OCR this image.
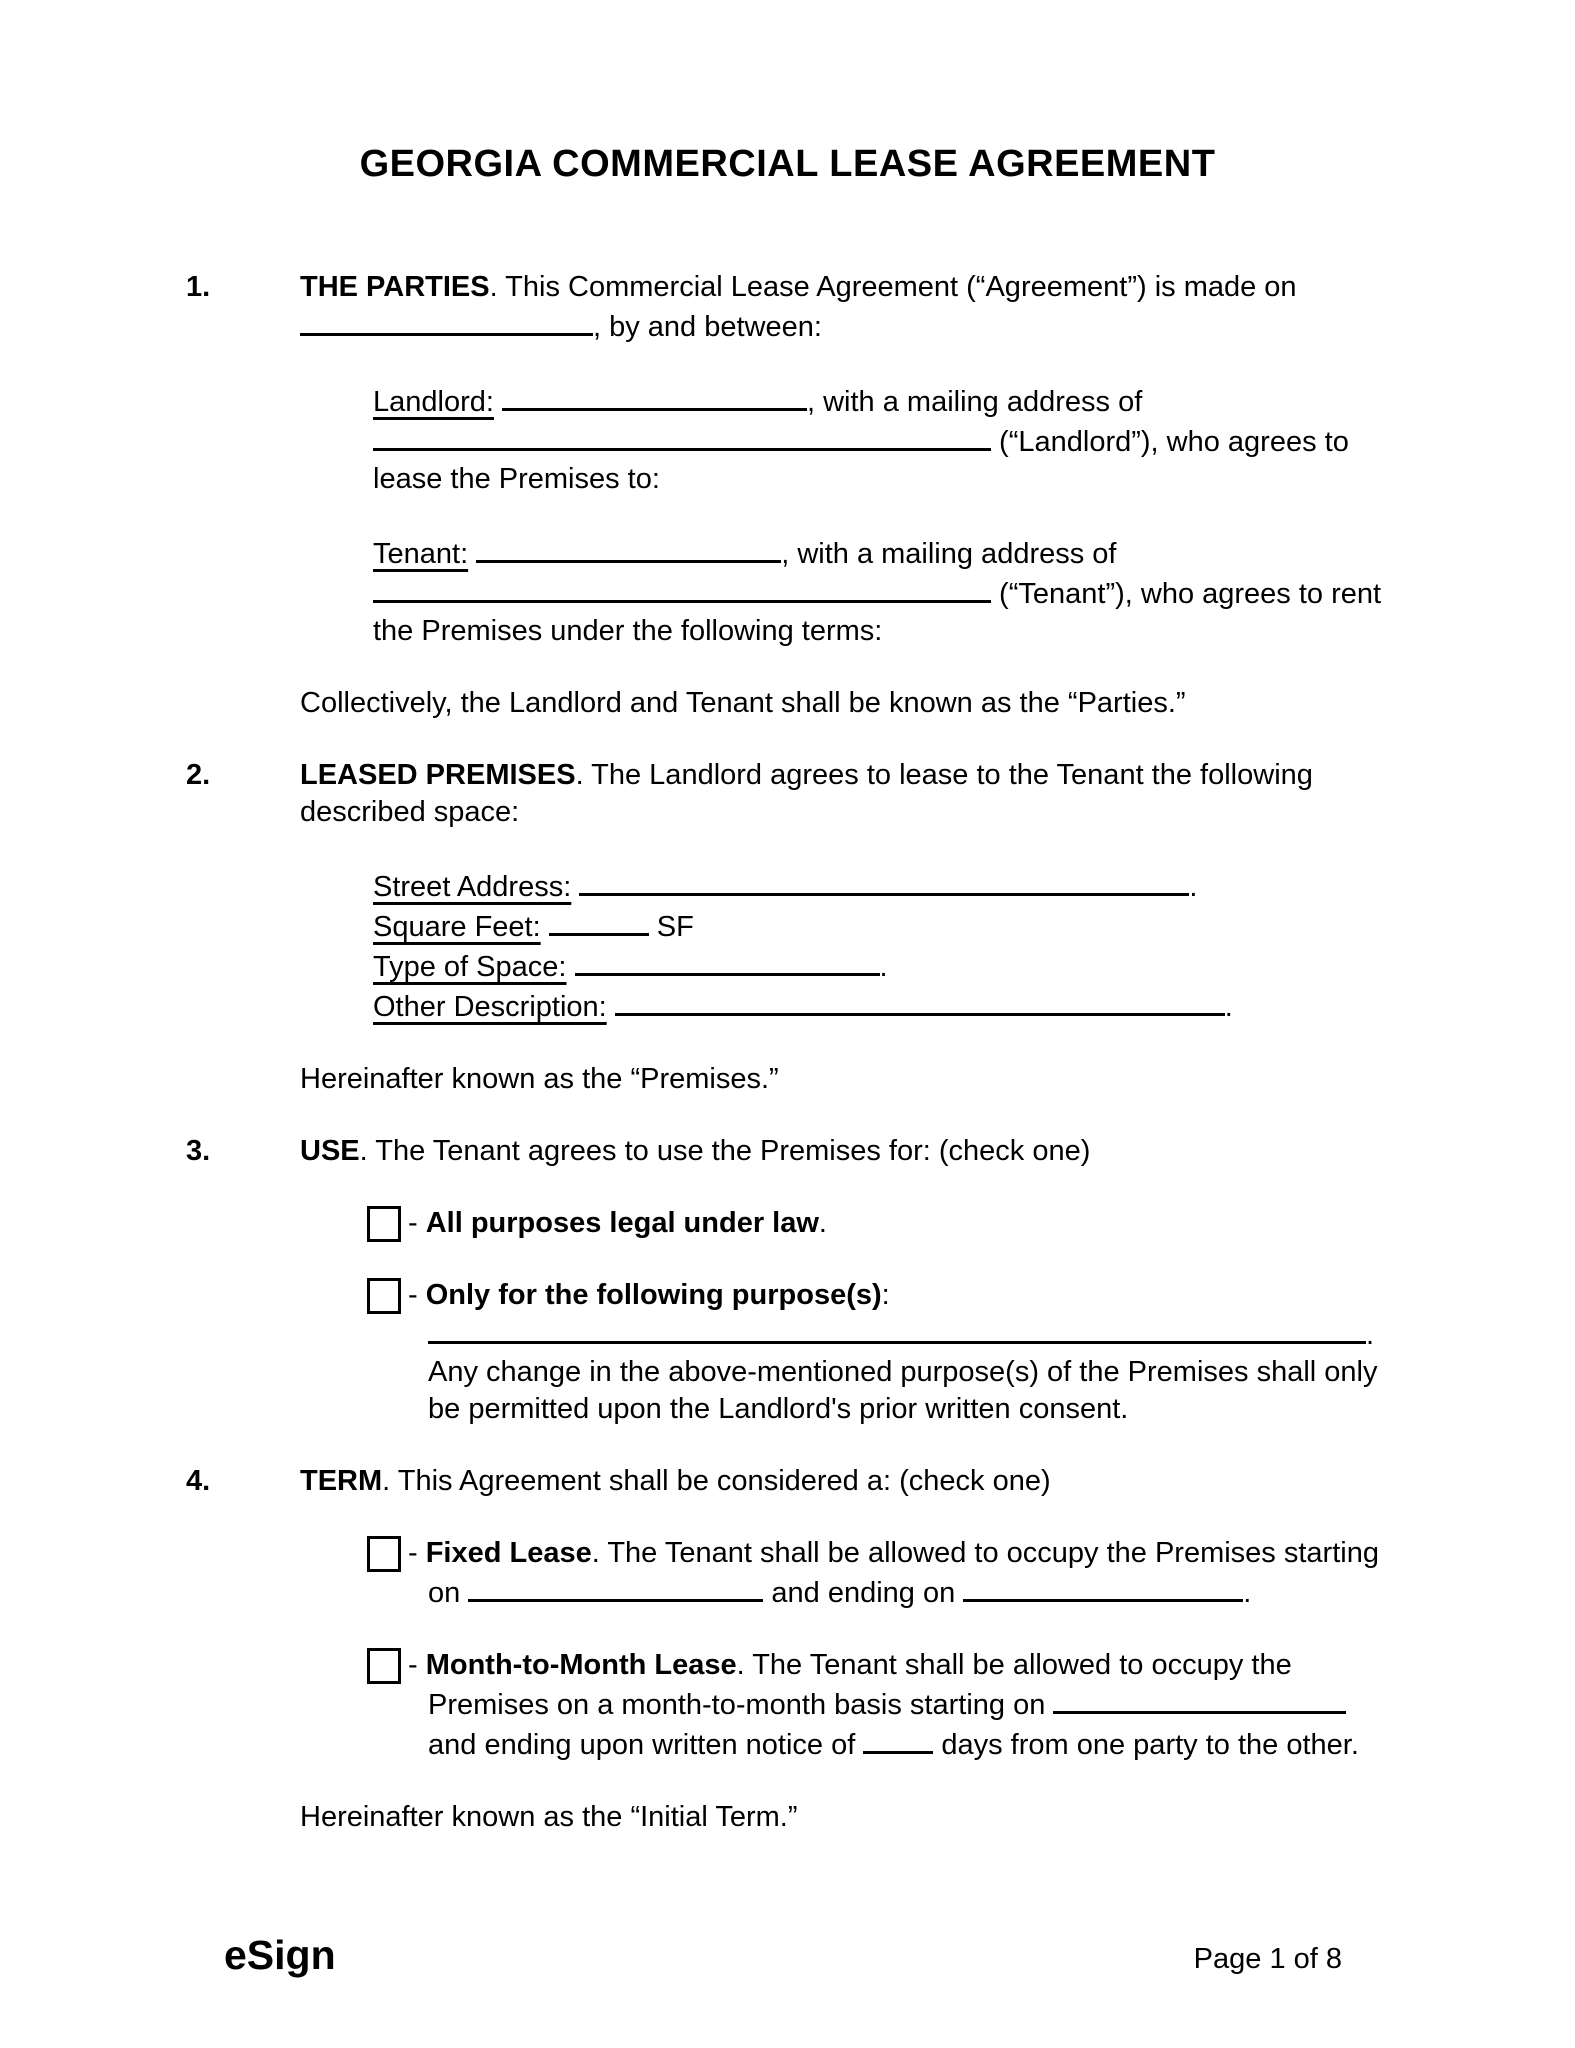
GEORGIA COMMERCIAL LEASE AGREEMENT
1.	THE PARTIES. This Commercial Lease Agreement (“Agreement”) is made on , by and between:
Landlord:	, with a mailing address of  (“Landlord”), who agrees to lease the Premises to:
Tenant:	, with a mailing address of  (“Tenant”), who agrees to rent the Premises under the following terms:
Collectively, the Landlord and Tenant shall be known as the “Parties.”
2.	LEASED PREMISES. The Landlord agrees to lease to the Tenant the following described space:
Street Address:	.
Square Feet:	SF
Type of Space:	.
Other Description:	.
Hereinafter known as the “Premises.”
3.	USE. The Tenant agrees to use the Premises for: (check one)
- All purposes legal under law.
- Only for the following purpose(s): . Any change in the above-mentioned purpose(s) of the Premises shall only be permitted upon the Landlord's prior written consent.
4.	TERM. This Agreement shall be considered a: (check one)
- Fixed Lease. The Tenant shall be allowed to occupy the Premises starting on	and ending on	.
- Month-to-Month Lease. The Tenant shall be allowed to occupy the Premises on a month-to-month basis starting on  and ending upon written notice of  days from one party to the other.
Hereinafter known as the “Initial Term.”
eSign	Page 1 of 8
